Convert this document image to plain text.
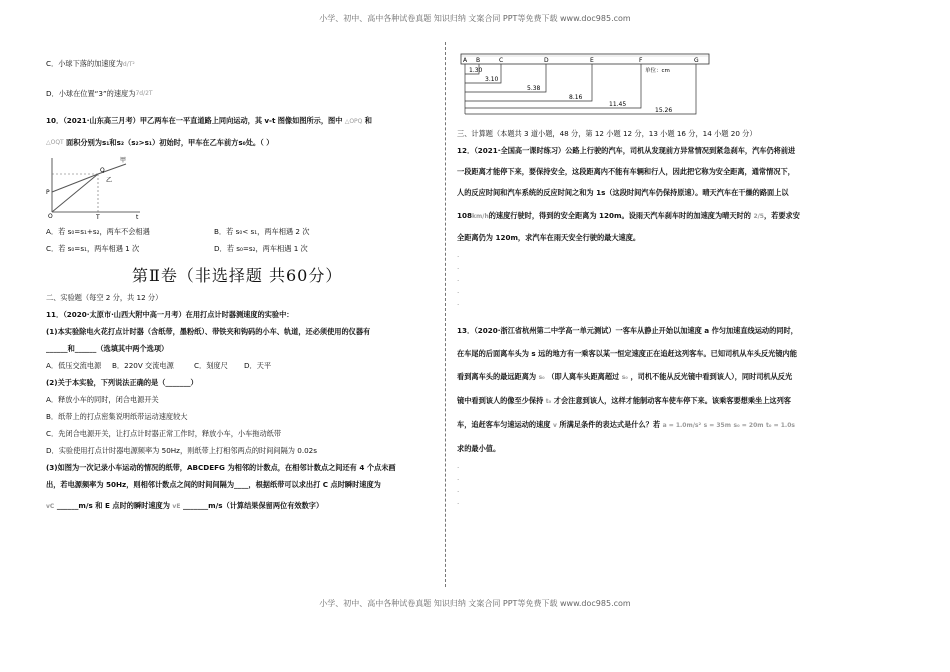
小学、初中、高中各种试卷真题 知识归纳 文案合同 PPT等免费下载 www.doc985.com
C．小球下落的加速度为d/T²
D．小球在位置“3”的速度为7d/2T
10．（2021·山东高三月考）甲乙两车在一平直道路上同向运动，其 v-t 图像如图所示，图中 △OPQ 和
△OQT 面积分别为s₁和s₂（s₂>s₁）初始时，甲车在乙车前方s₀处。（ ）
O
P
T	t
Q
甲
乙
A．若 s₀=s₁+s₂，两车不会相遇	B．若 s₀< s₁，两车相遇 2 次
C．若 s₀=s₁，两车相遇 1 次	D．若 s₀=s₂，两车相遇 1 次
第Ⅱ卷（非选择题 共60分）
二、实验题（每空 2 分，共 12 分）
11．（2020·太原市·山西大附中高一月考）在用打点计时器测速度的实验中：
(1)本实验除电火花打点计时器（含纸带，墨粉纸）、带铁夹和钩码的小车、轨道，还必须使用的仪器有
______和______（选填其中两个选项）
A．低压交流电源	B．220V 交流电源	C．刻度尺	D．天平
(2)关于本实验，下列说法正确的是（_______）
A．释放小车的同时，闭合电源开关
B．纸带上的打点密集说明纸带运动速度较大
C．先闭合电源开关，让打点计时器正常工作时，释放小车，小车拖动纸带
D．实验使用打点计时器电源频率为 50Hz，则纸带上打相邻两点的时间间隔为 0.02s
(3)如图为一次记录小车运动的情况的纸带，ABCDEFG 为相邻的计数点，在相邻计数点之间还有 4 个点未画
出，若电源频率为 50Hz，则相邻计数点之间的时间间隔为____，根据纸带可以求出打 C 点时瞬时速度为
vC ______m/s 和 E 点时的瞬时速度为 vE _______m/s（计算结果保留两位有效数字）
A B	C	D	E	F	G
单位：cm
1.30
3.10
5.38
8.16
11.45
15.26
三、计算题（本题共 3 道小题，48 分，第 12 小题 12 分，13 小题 16 分，14 小题 20 分）
12．（2021·全国高一课时练习）公路上行驶的汽车，司机从发现前方异常情况到紧急刹车，汽车仍将前进
一段距离才能停下来，要保持安全，这段距离内不能有车辆和行人，因此把它称为安全距离，通常情况下，
人的反应时间和汽车系统的反应时间之和为 1s（这段时间汽车仍保持原速）。晴天汽车在干燥的路面上以
108km/h的速度行驶时，得到的安全距离为 120m。设雨天汽车刹车时的加速度为晴天时的 2/5，若要求安
全距离仍为 120m，求汽车在雨天安全行驶的最大速度。
.
.
.
.
.
13．（2020·浙江省杭州第二中学高一单元测试）一客车从静止开始以加速度 a 作匀加速直线运动的同时，
在车尾的后面离车头为 s 远的地方有一乘客以某一恒定速度正在追赶这列客车。已知司机从车头反光镜内能
看到离车头的最远距离为 s₀ （即人离车头距离超过 s₀ ，司机不能从反光镜中看到该人），同时司机从反光
镜中看到该人的像至少保持 t₀ 才会注意到该人，这样才能制动客车使车停下来。该乘客要想乘坐上这列客
车，追赶客车匀速运动的速度 v 所满足条件的表达式是什么？若 a = 1.0m/s² s = 35m s₀ = 20m t₀ = 1.0s
求的最小值。
.
.
.
.
小学、初中、高中各种试卷真题 知识归纳 文案合同 PPT等免费下载 www.doc985.com
